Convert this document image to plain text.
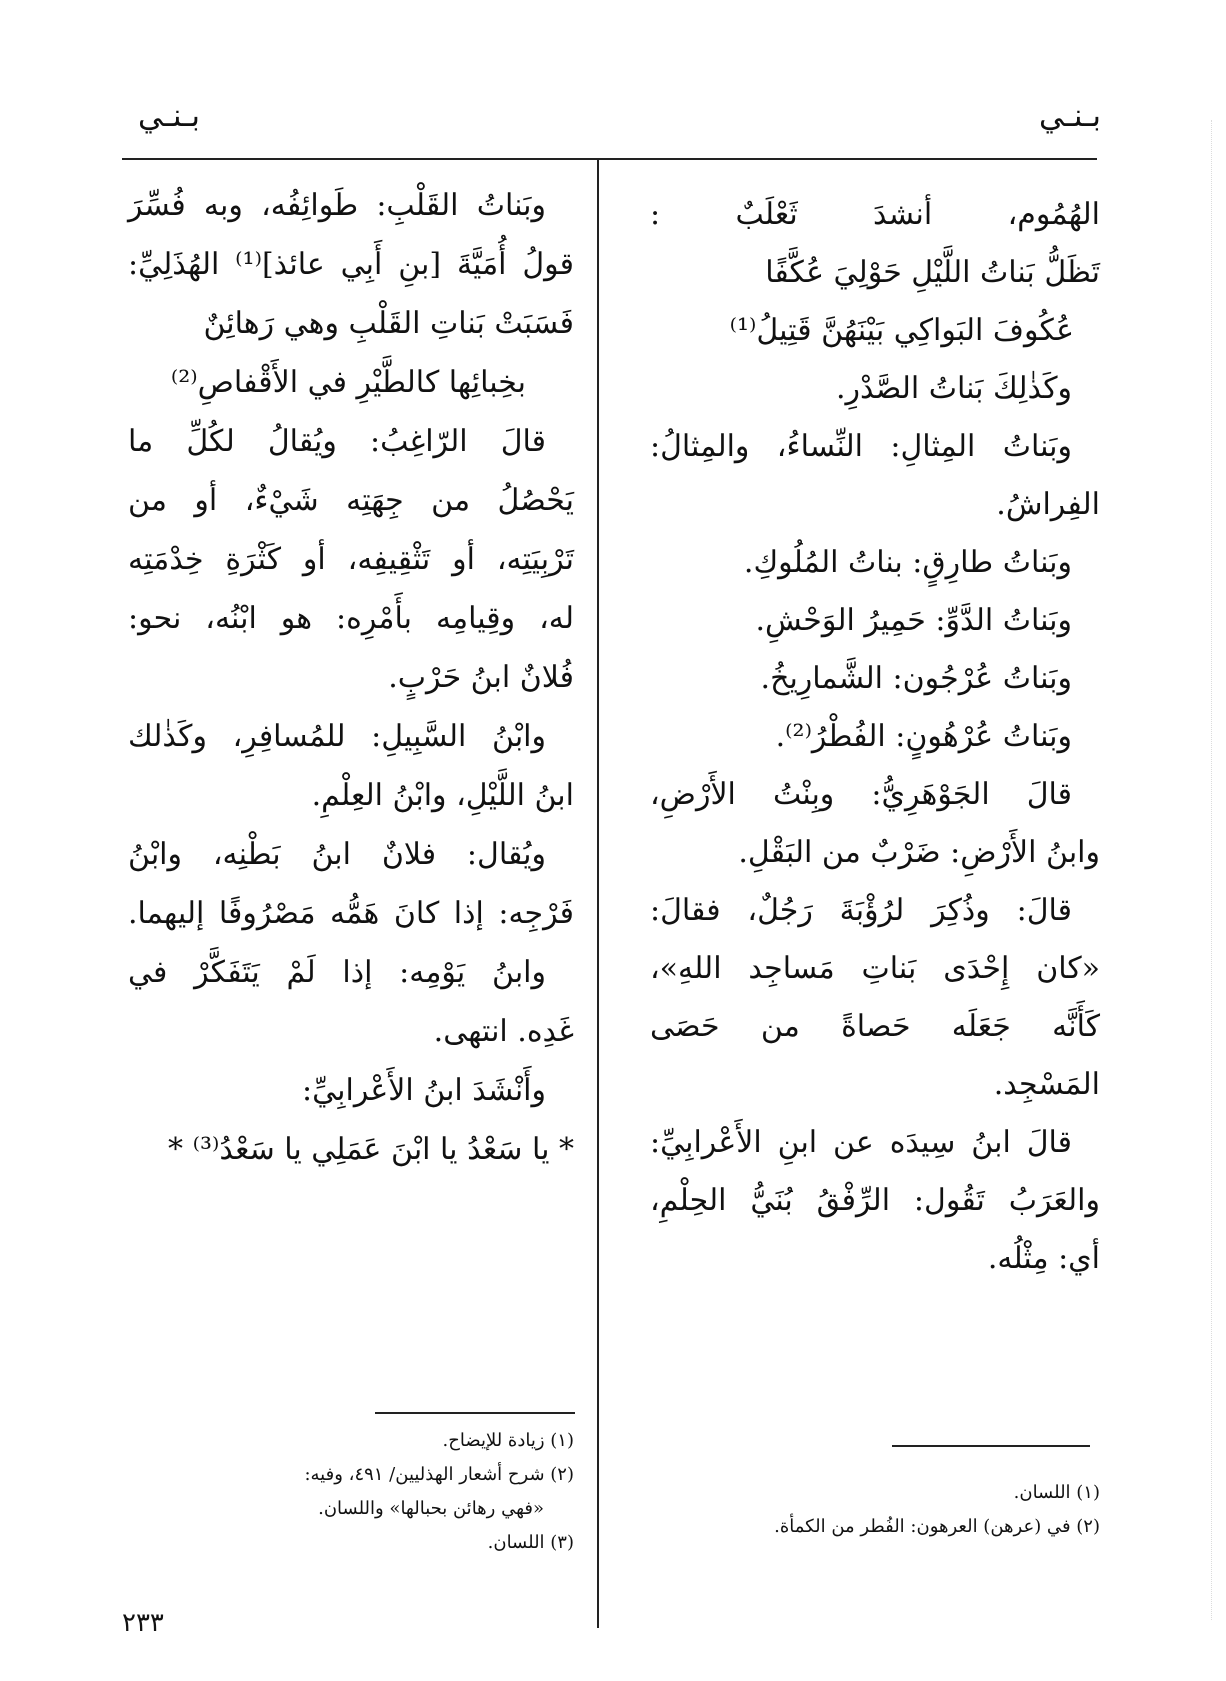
بـنـي
بـنـي
الهُمُوم، أنشدَ ثَعْلَبٌ :
تَظَلُّ بَناتُ اللَّيْلِ حَوْلِيَ عُكَّفًا
عُكُوفَ البَواكِي بَيْنَهُنَّ قَتِيلُ⁽¹⁾
وكَذٰلِكَ بَناتُ الصَّدْرِ.
وبَناتُ المِثالِ: النِّساءُ، والمِثالُ:
الفِراشُ.
وبَناتُ طارِقٍ: بناتُ المُلُوكِ.
وبَناتُ الدَّوِّ: حَمِيرُ الوَحْشِ.
وبَناتُ عُرْجُون: الشَّمارِيخُ.
وبَناتُ عُرْهُونٍ: الفُطْرُ⁽²⁾.
قالَ الجَوْهَرِيُّ: وبِنْتُ الأَرْضِ،
وابنُ الأَرْضِ: ضَرْبٌ من البَقْلِ.
قالَ: وذُكِرَ لرُؤْبَةَ رَجُلٌ، فقالَ:
«كان إِحْدَى بَناتِ مَساجِد اللهِ»،
كَأَنَّه جَعَلَه حَصاةً من حَصَى
المَسْجِد.
قالَ ابنُ سِيدَه عن ابنِ الأَعْرابِيِّ:
والعَرَبُ تَقُول: الرِّفْقُ بُنَيُّ الحِلْمِ،
أي: مِثْلُه.
وبَناتُ القَلْبِ: طَوائِفُه، وبه فُسِّرَ
قولُ أُمَيَّةَ [بنِ أَبِي عائذ]⁽¹⁾ الهُذَلِيِّ:
فَسَبَتْ بَناتِ القَلْبِ وهي رَهائِنٌ
بخِبائِها كالطَّيْرِ في الأَقْفاصِ⁽²⁾
قالَ الرّاغِبُ: ويُقالُ لكُلِّ ما
يَحْصُلُ من جِهَتِه شَيْءٌ، أو من
تَرْبِيَتِه، أو تَثْقِيفِه، أو كَثْرَةِ خِدْمَتِه
له، وقِيامِه بأَمْرِه: هو ابْنُه، نحو:
فُلانٌ ابنُ حَرْبٍ.
وابْنُ السَّبِيلِ: للمُسافِرِ، وكَذٰلك
ابنُ اللَّيْلِ، وابْنُ العِلْمِ.
ويُقال: فلانٌ ابنُ بَطْنِه، وابْنُ
فَرْجِه: إذا كانَ هَمُّه مَصْرُوفًا إليهما.
وابنُ يَوْمِه: إذا لَمْ يَتَفَكَّرْ في
غَدِه. انتهى.
وأَنْشَدَ ابنُ الأَعْرابِيِّ:
* يا سَعْدُ يا ابْنَ عَمَلِي يا سَعْدُ⁽³⁾ *
(١) زيادة للإيضاح.
(٢) شرح أشعار الهذليين/ ٤٩١، وفيه:
«فهي رهائن بحبالها» واللسان.
(٣) اللسان.
(١) اللسان.
(٢) في (عرهن) العرهون: الفُطر من الكمأة.
٢٣٣
